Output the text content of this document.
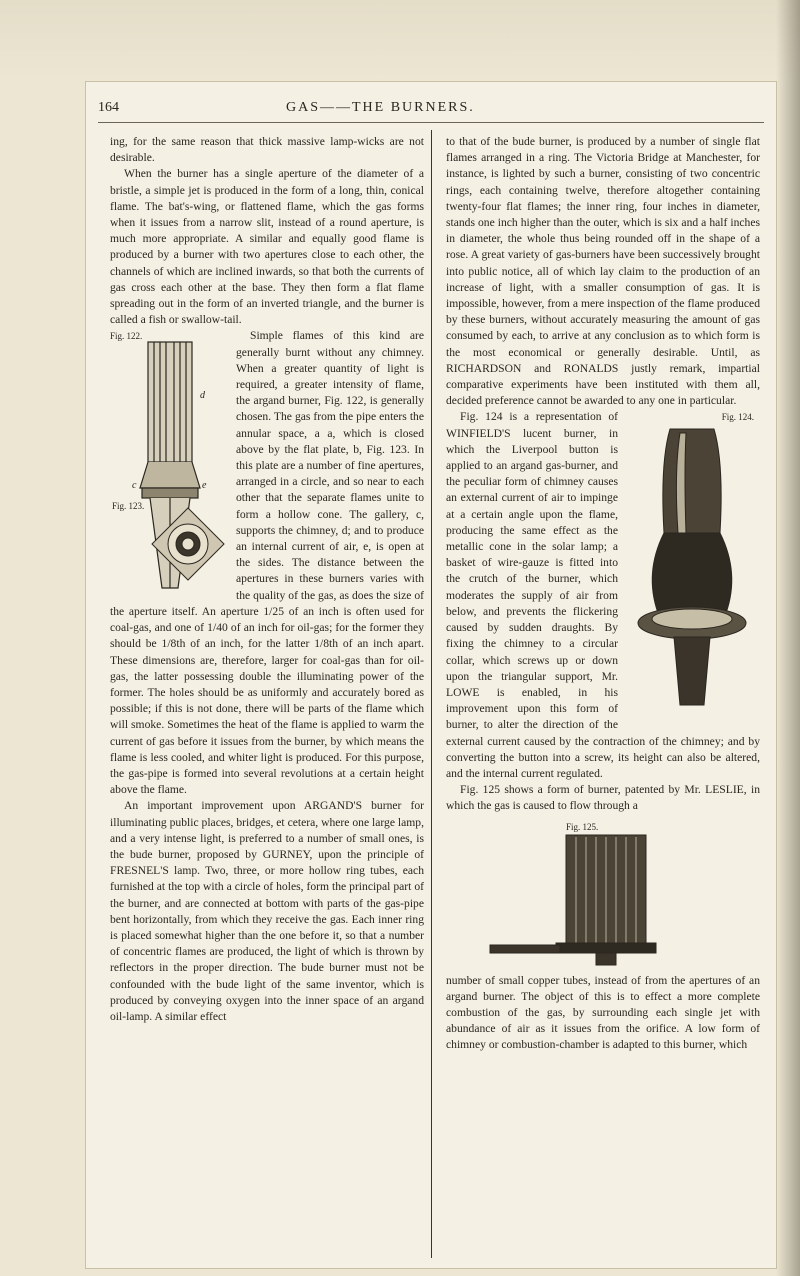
164	GAS——THE BURNERS.

ing, for the same reason that thick massive lamp-wicks are not desirable.

When the burner has a single aperture of the diameter of a bristle, a simple jet is produced in the form of a long, thin, conical flame. The bat's-wing, or flattened flame, which the gas forms when it issues from a narrow slit, instead of a round aperture, is much more appropriate. A similar and equally good flame is produced by a burner with two apertures close to each other, the channels of which are inclined inwards, so that both the currents of gas cross each other at the base. They then form a flat flame spreading out in the form of an inverted triangle, and the burner is called a fish or swallow-tail.

Fig. 122.
d
c	e
Fig. 123.

Simple flames of this kind are generally burnt without any chimney. When a greater quantity of light is required, a greater intensity of flame, the argand burner, Fig. 122, is generally chosen. The gas from the pipe enters the annular space, a a, which is closed above by the flat plate, b, Fig. 123. In this plate are a number of fine apertures, arranged in a circle, and so near to each other that the separate flames unite to form a hollow cone. The gallery, c, supports the chimney, d; and to produce an internal current of air, e, is open at the sides. The distance between the apertures in these burners varies with the quality of the gas, as does the size of the aperture itself. An aperture 1/25 of an inch is often used for coal-gas, and one of 1/40 of an inch for oil-gas; for the former they should be 1/8th of an inch, for the latter 1/8th of an inch apart. These dimensions are, therefore, larger for coal-gas than for oil-gas, the latter possessing double the illuminating power of the former. The holes should be as uniformly and accurately bored as possible; if this is not done, there will be parts of the flame which will smoke. Sometimes the heat of the flame is applied to warm the current of gas before it issues from the burner, by which means the flame is less cooled, and whiter light is produced. For this purpose, the gas-pipe is formed into several revolutions at a certain height above the flame.

An important improvement upon ARGAND'S burner for illuminating public places, bridges, et cetera, where one large lamp, and a very intense light, is preferred to a number of small ones, is the bude burner, proposed by GURNEY, upon the principle of FRESNEL'S lamp. Two, three, or more hollow ring tubes, each furnished at the top with a circle of holes, form the principal part of the burner, and are connected at bottom with parts of the gas-pipe bent horizontally, from which they receive the gas. Each inner ring is placed somewhat higher than the one before it, so that a number of concentric flames are produced, the light of which is thrown by reflectors in the proper direction. The bude burner must not be confounded with the bude light of the same inventor, which is produced by conveying oxygen into the inner space of an argand oil-lamp. A similar effect

to that of the bude burner, is produced by a number of single flat flames arranged in a ring. The Victoria Bridge at Manchester, for instance, is lighted by such a burner, consisting of two concentric rings, each containing twelve, therefore altogether containing twenty-four flat flames; the inner ring, four inches in diameter, stands one inch higher than the outer, which is six and a half inches in diameter, the whole thus being rounded off in the shape of a rose. A great variety of gas-burners have been successively brought into public notice, all of which lay claim to the production of an increase of light, with a smaller consumption of gas. It is impossible, however, from a mere inspection of the flame produced by these burners, without accurately measuring the amount of gas consumed by each, to arrive at any conclusion as to which form is the most economical or generally desirable. Until, as RICHARDSON and RONALDS justly remark, impartial comparative experiments have been instituted with them all, decided preference cannot be awarded to any one in particular.

Fig. 124.

Fig. 124 is a representation of WINFIELD'S lucent burner, in which the Liverpool button is applied to an argand gas-burner, and the peculiar form of chimney causes an external current of air to impinge at a certain angle upon the flame, producing the same effect as the metallic cone in the solar lamp; a basket of wire-gauze is fitted into the crutch of the burner, which moderates the supply of air from below, and prevents the flickering caused by sudden draughts. By fixing the chimney to a circular collar, which screws up or down upon the triangular support, Mr. LOWE is enabled, in his improvement upon this form of burner, to alter the direction of the external current caused by the contraction of the chimney; and by converting the button into a screw, its height can also be altered, and the internal current regulated.

Fig. 125 shows a form of burner, patented by Mr. LESLIE, in which the gas is caused to flow through a

Fig. 125.

number of small copper tubes, instead of from the apertures of an argand burner. The object of this is to effect a more complete combustion of the gas, by surrounding each single jet with abundance of air as it issues from the orifice. A low form of chimney or combustion-chamber is adapted to this burner, which
